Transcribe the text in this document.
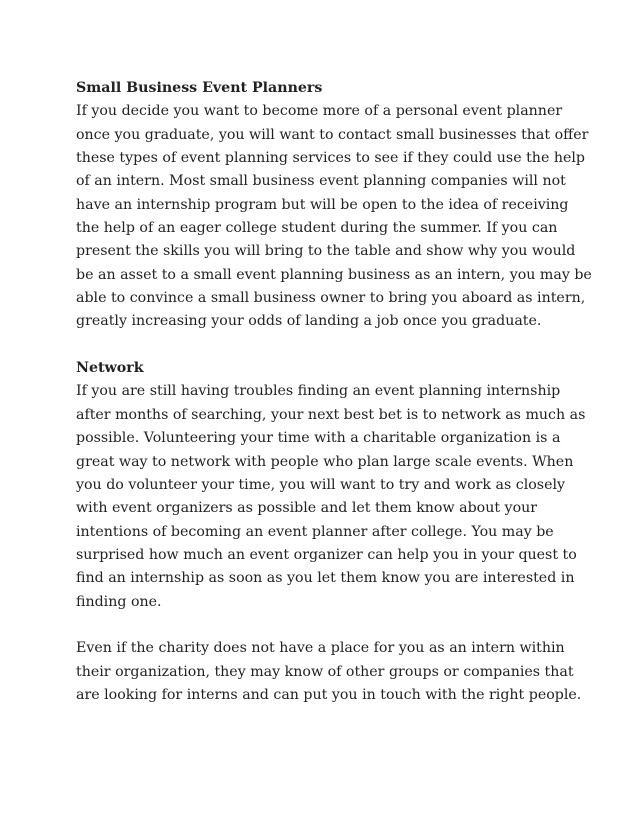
Small Business Event Planners
If you decide you want to become more of a personal event planner
once you graduate, you will want to contact small businesses that offer
these types of event planning services to see if they could use the help
of an intern. Most small business event planning companies will not
have an internship program but will be open to the idea of receiving
the help of an eager college student during the summer. If you can
present the skills you will bring to the table and show why you would
be an asset to a small event planning business as an intern, you may be
able to convince a small business owner to bring you aboard as intern,
greatly increasing your odds of landing a job once you graduate.
Network
If you are still having troubles finding an event planning internship
after months of searching, your next best bet is to network as much as
possible. Volunteering your time with a charitable organization is a
great way to network with people who plan large scale events. When
you do volunteer your time, you will want to try and work as closely
with event organizers as possible and let them know about your
intentions of becoming an event planner after college. You may be
surprised how much an event organizer can help you in your quest to
find an internship as soon as you let them know you are interested in
finding one.
Even if the charity does not have a place for you as an intern within
their organization, they may know of other groups or companies that
are looking for interns and can put you in touch with the right people.
